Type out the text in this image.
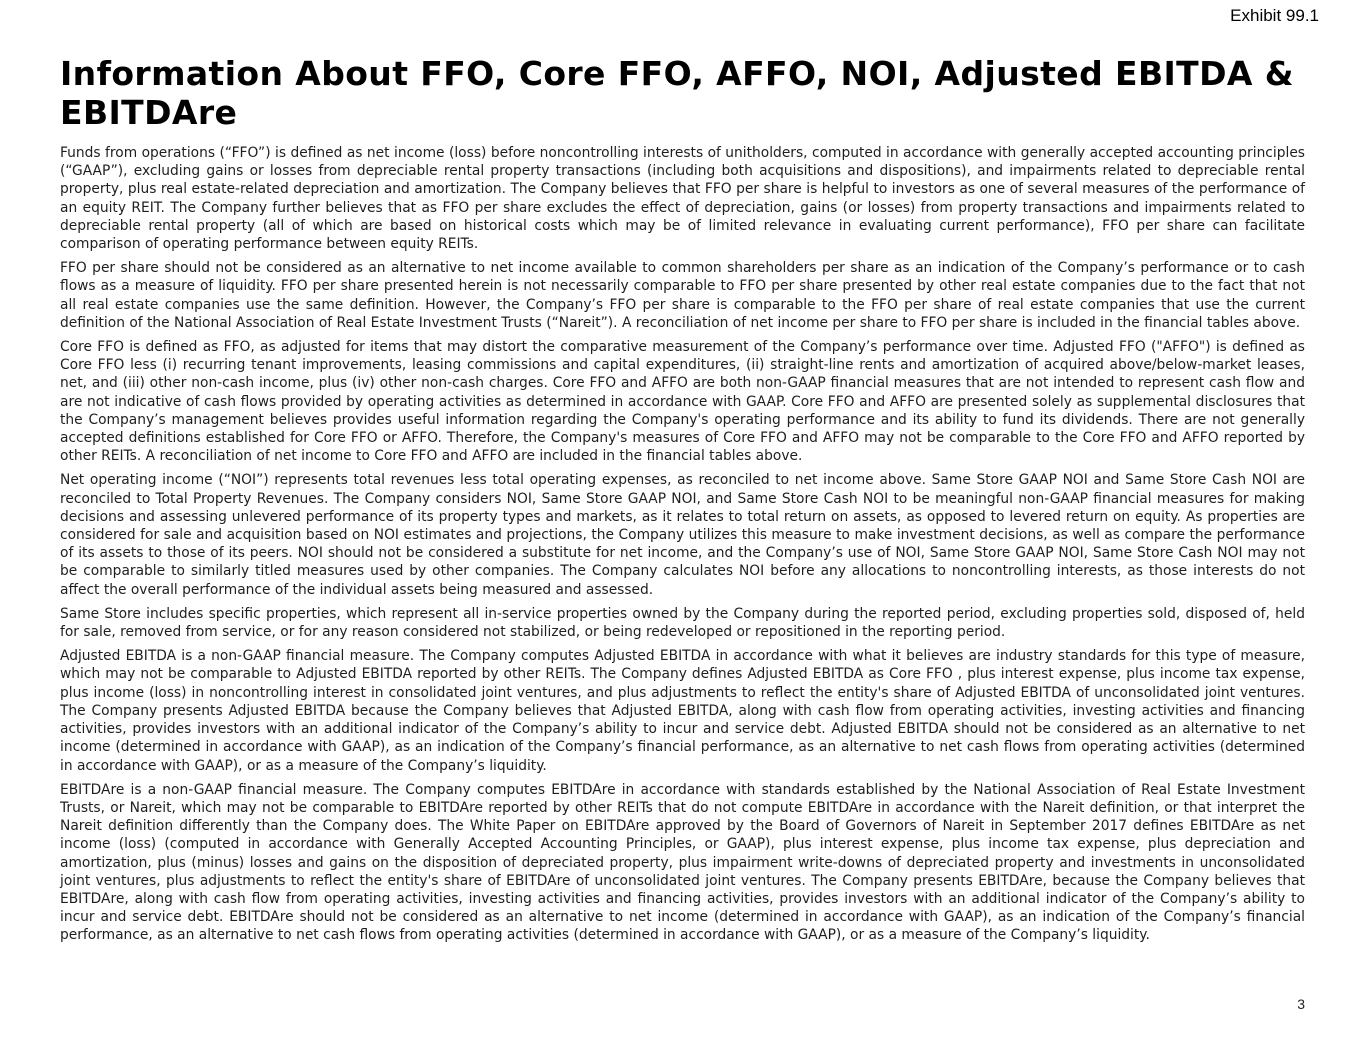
Exhibit 99.1
Information About FFO, Core FFO, AFFO, NOI, Adjusted EBITDA & EBITDAre

Funds from operations (“FFO”) is defined as net income (loss) before noncontrolling interests of unitholders, computed in accordance with generally accepted accounting principles (“GAAP”), excluding gains or losses from depreciable rental property transactions (including both acquisitions and dispositions), and impairments related to depreciable rental property, plus real estate-related depreciation and amortization. The Company believes that FFO per share is helpful to investors as one of several measures of the performance of an equity REIT. The Company further believes that as FFO per share excludes the effect of depreciation, gains (or losses) from property transactions and impairments related to depreciable rental property (all of which are based on historical costs which may be of limited relevance in evaluating current performance), FFO per share can facilitate comparison of operating performance between equity REITs.

FFO per share should not be considered as an alternative to net income available to common shareholders per share as an indication of the Company’s performance or to cash flows as a measure of liquidity. FFO per share presented herein is not necessarily comparable to FFO per share presented by other real estate companies due to the fact that not all real estate companies use the same definition. However, the Company’s FFO per share is comparable to the FFO per share of real estate companies that use the current definition of the National Association of Real Estate Investment Trusts (“Nareit”). A reconciliation of net income per share to FFO per share is included in the financial tables above.

Core FFO is defined as FFO, as adjusted for items that may distort the comparative measurement of the Company’s performance over time. Adjusted FFO ("AFFO") is defined as Core FFO less (i) recurring tenant improvements, leasing commissions and capital expenditures, (ii) straight-line rents and amortization of acquired above/below-market leases, net, and (iii) other non-cash income, plus (iv) other non-cash charges. Core FFO and AFFO are both non-GAAP financial measures that are not intended to represent cash flow and are not indicative of cash flows provided by operating activities as determined in accordance with GAAP. Core FFO and AFFO are presented solely as supplemental disclosures that the Company’s management believes provides useful information regarding the Company's operating performance and its ability to fund its dividends. There are not generally accepted definitions established for Core FFO or AFFO. Therefore, the Company's measures of Core FFO and AFFO may not be comparable to the Core FFO and AFFO reported by other REITs. A reconciliation of net income to Core FFO and AFFO are included in the financial tables above.

Net operating income (“NOI”) represents total revenues less total operating expenses, as reconciled to net income above. Same Store GAAP NOI and Same Store Cash NOI are reconciled to Total Property Revenues. The Company considers NOI, Same Store GAAP NOI, and Same Store Cash NOI to be meaningful non-GAAP financial measures for making decisions and assessing unlevered performance of its property types and markets, as it relates to total return on assets, as opposed to levered return on equity. As properties are considered for sale and acquisition based on NOI estimates and projections, the Company utilizes this measure to make investment decisions, as well as compare the performance of its assets to those of its peers. NOI should not be considered a substitute for net income, and the Company’s use of NOI, Same Store GAAP NOI, Same Store Cash NOI may not be comparable to similarly titled measures used by other companies. The Company calculates NOI before any allocations to noncontrolling interests, as those interests do not affect the overall performance of the individual assets being measured and assessed.

Same Store includes specific properties, which represent all in-service properties owned by the Company during the reported period, excluding properties sold, disposed of, held for sale, removed from service, or for any reason considered not stabilized, or being redeveloped or repositioned in the reporting period.

Adjusted EBITDA is a non-GAAP financial measure. The Company computes Adjusted EBITDA in accordance with what it believes are industry standards for this type of measure, which may not be comparable to Adjusted EBITDA reported by other REITs. The Company defines Adjusted EBITDA as Core FFO , plus interest expense, plus income tax expense, plus income (loss) in noncontrolling interest in consolidated joint ventures, and plus adjustments to reflect the entity's share of Adjusted EBITDA of unconsolidated joint ventures. The Company presents Adjusted EBITDA because the Company believes that Adjusted EBITDA, along with cash flow from operating activities, investing activities and financing activities, provides investors with an additional indicator of the Company’s ability to incur and service debt. Adjusted EBITDA should not be considered as an alternative to net income (determined in accordance with GAAP), as an indication of the Company’s financial performance, as an alternative to net cash flows from operating activities (determined in accordance with GAAP), or as a measure of the Company’s liquidity.

EBITDAre is a non-GAAP financial measure. The Company computes EBITDAre in accordance with standards established by the National Association of Real Estate Investment Trusts, or Nareit, which may not be comparable to EBITDAre reported by other REITs that do not compute EBITDAre in accordance with the Nareit definition, or that interpret the Nareit definition differently than the Company does. The White Paper on EBITDAre approved by the Board of Governors of Nareit in September 2017 defines EBITDAre as net income (loss) (computed in accordance with Generally Accepted Accounting Principles, or GAAP), plus interest expense, plus income tax expense, plus depreciation and amortization, plus (minus) losses and gains on the disposition of depreciated property, plus impairment write-downs of depreciated property and investments in unconsolidated joint ventures, plus adjustments to reflect the entity's share of EBITDAre of unconsolidated joint ventures. The Company presents EBITDAre, because the Company believes that EBITDAre, along with cash flow from operating activities, investing activities and financing activities, provides investors with an additional indicator of the Company’s ability to incur and service debt. EBITDAre should not be considered as an alternative to net income (determined in accordance with GAAP), as an indication of the Company’s financial performance, as an alternative to net cash flows from operating activities (determined in accordance with GAAP), or as a measure of the Company’s liquidity.

3
